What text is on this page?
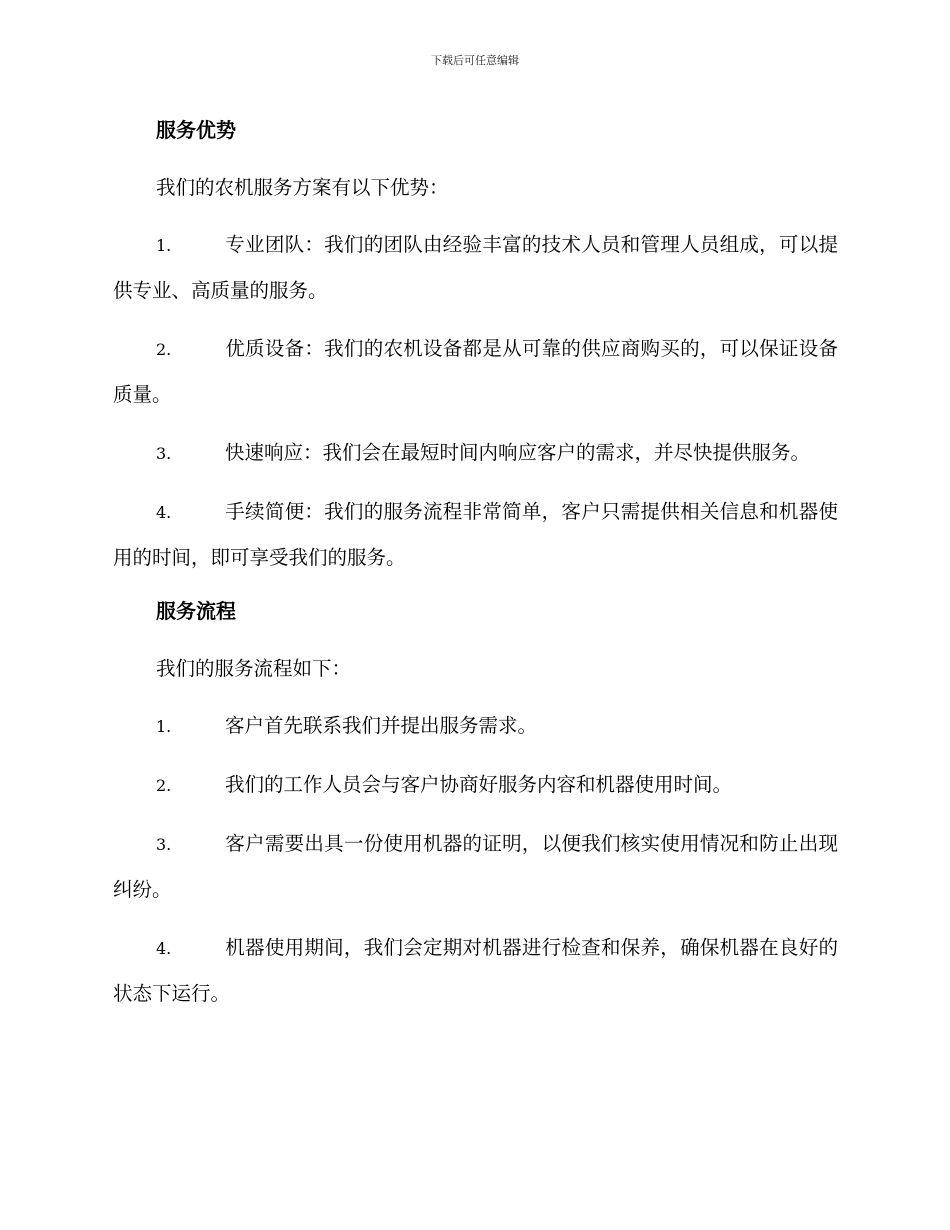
下载后可任意编辑
服务优势

我们的农机服务方案有以下优势：

1.	专业团队：我们的团队由经验丰富的技术人员和管理人员组成，可以提供专业、高质量的服务。

2.	优质设备：我们的农机设备都是从可靠的供应商购买的，可以保证设备质量。

3.	快速响应：我们会在最短时间内响应客户的需求，并尽快提供服务。

4.	手续简便：我们的服务流程非常简单，客户只需提供相关信息和机器使用的时间，即可享受我们的服务。

服务流程

我们的服务流程如下：

1.	客户首先联系我们并提出服务需求。

2.	我们的工作人员会与客户协商好服务内容和机器使用时间。

3.	客户需要出具一份使用机器的证明，以便我们核实使用情况和防止出现纠纷。

4.	机器使用期间，我们会定期对机器进行检查和保养，确保机器在良好的状态下运行。
